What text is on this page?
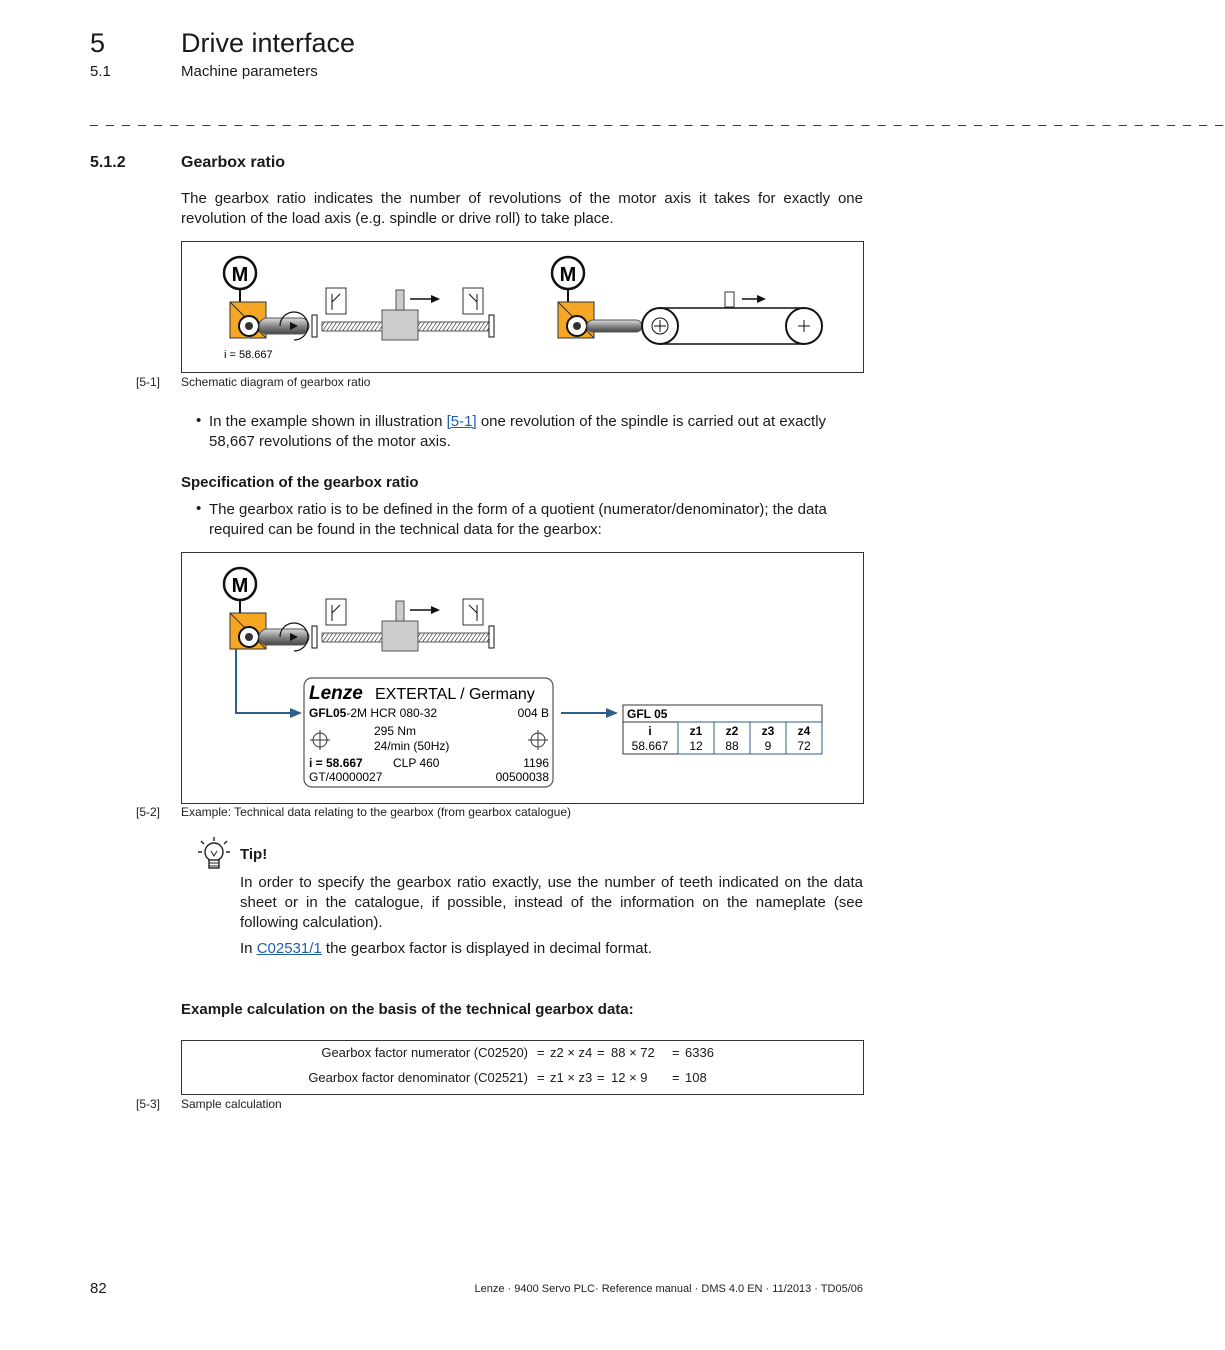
5	Drive interface
5.1	Machine parameters
_ _ _ _ _ _ _ _ _ _ _ _ _ _ _ _ _ _ _ _ _ _ _ _ _ _ _ _ _ _ _ _ _ _ _ _ _ _ _ _ _ _ _ _ _ _ _ _ _ _ _ _ _ _ _ _ _ _ _ _ _ _ _ _ _ _ _ _ _ _ _
5.1.2	Gearbox ratio
The gearbox ratio indicates the number of revolutions of the motor axis it takes for exactly one revolution of the load axis (e.g. spindle or drive roll) to take place.
M
i = 58.667
M
[5-1] Schematic diagram of gearbox ratio
• In the example shown in illustration [5-1] one revolution of the spindle is carried out at exactly 58,667 revolutions of the motor axis.
Specification of the gearbox ratio
• The gearbox ratio is to be defined in the form of a quotient (numerator/denominator); the data required can be found in the technical data for the gearbox:
M
Lenze EXTERTAL / Germany
GFL05-2M HCR 080-32	004 B
295 Nm
24/min (50Hz)
i = 58.667	CLP 460	1196
GT/40000027	00500038
GFL 05
i	z1 z2 z3 z4
58.667 12 88 9 72
[5-2] Example: Technical data relating to the gearbox (from gearbox catalogue)
Tip!
In order to specify the gearbox ratio exactly, use the number of teeth indicated on the data sheet or in the catalogue, if possible, instead of the information on the nameplate (see following calculation).
In C02531/1 the gearbox factor is displayed in decimal format.
Example calculation on the basis of the technical gearbox data:
Gearbox factor numerator (C02520) = z2 × z4 = 88 × 72 = 6336
Gearbox factor denominator (C02521) = z1 × z3 = 12 × 9 = 108
[5-3] Sample calculation
82	Lenze · 9400 Servo PLC· Reference manual · DMS 4.0 EN · 11/2013 · TD05/06
